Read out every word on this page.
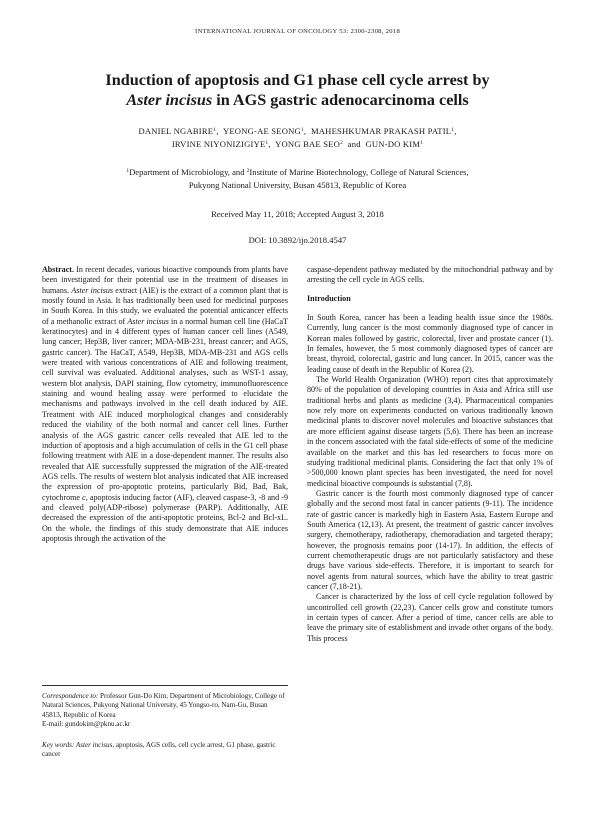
INTERNATIONAL JOURNAL OF ONCOLOGY 53: 2300-2308, 2018
Induction of apoptosis and G1 phase cell cycle arrest by
Aster incisus in AGS gastric adenocarcinoma cells
DANIEL NGABIRE$^1$,  YEONG-AE SEONG$^1$,  MAHESHKUMAR PRAKASH PATIL$^1$,
IRVINE NIYONIZIGIYE$^1$,  YONG BAE SEO$^2$ and GUN-DO KIM$^1$
$^1$Department of Microbiology, and $^2$Institute of Marine Biotechnology, College of Natural Sciences,
Pukyong National University, Busan 45813, Republic of Korea
Received May 11, 2018; Accepted August 3, 2018
DOI: 10.3892/ijo.2018.4547

Abstract. In recent decades, various bioactive compounds from plants have been investigated for their potential use in the treatment of diseases in humans. Aster incisus extract (AIE) is the extract of a common plant that is mostly found in Asia. It has traditionally been used for medicinal purposes in South Korea. In this study, we evaluated the potential anticancer effects of a methanolic extract of Aster incisus in a normal human cell line (HaCaT keratinocytes) and in 4 different types of human cancer cell lines (A549, lung cancer; Hep3B, liver cancer; MDA-MB-231, breast cancer; and AGS, gastric cancer). The HaCaT, A549, Hep3B, MDA-MB-231 and AGS cells were treated with various concentrations of AIE and following treatment, cell survival was evaluated. Additional analyses, such as WST-1 assay, western blot analysis, DAPI staining, flow cytometry, immunofluorescence staining and wound healing assay were performed to elucidate the mechanisms and pathways involved in the cell death induced by AIE. Treatment with AIE induced morphological changes and considerably reduced the viability of the both normal and cancer cell lines. Further analysis of the AGS gastric cancer cells revealed that AIE led to the induction of apoptosis and a high accumulation of cells in the G1 cell phase following treatment with AIE in a dose-dependent manner. The results also revealed that AIE successfully suppressed the migration of the AIE-treated AGS cells. The results of western blot analysis indicated that AIE increased the expression of pro-apoptotic proteins, particularly Bid, Bad, Bak, cytochrome c, apoptosis inducing factor (AIF), cleaved caspase-3, -8 and -9 and cleaved poly(ADP-ribose) polymerase (PARP). Additionally, AIE decreased the expression of the anti-apoptotic proteins, Bcl-2 and Bcl-xL. On the whole, the findings of this study demonstrate that AIE induces apoptosis through the activation of the

Correspondence to: Professor Gun-Do Kim, Department of Microbiology, College of Natural Sciences, Pukyong National University, 45 Yongso-ro, Nam-Gu, Busan 45813, Republic of Korea
E-mail: gundokim@pknu.ac.kr
Key words: Aster incisus, apoptosis, AGS cells, cell cycle arrest, G1 phase, gastric cancer

caspase-dependent pathway mediated by the mitochondrial pathway and by arresting the cell cycle in AGS cells.

Introduction

In South Korea, cancer has been a leading health issue since the 1980s. Currently, lung cancer is the most commonly diagnosed type of cancer in Korean males followed by gastric, colorectal, liver and prostate cancer (1). In females, however, the 5 most commonly diagnosed types of cancer are breast, thyroid, colorectal, gastric and lung cancer. In 2015, cancer was the leading cause of death in the Republic of Korea (2).

The World Health Organization (WHO) report cites that approximately 80% of the population of developing countries in Asia and Africa still use traditional herbs and plants as medicine (3,4). Pharmaceutical companies now rely more on experiments conducted on various traditionally known medicinal plants to discover novel molecules and bioactive substances that are more efficient against disease targets (5,6). There has been an increase in the concern associated with the fatal side-effects of some of the medicine available on the market and this has led researchers to focus more on studying traditional medicinal plants. Considering the fact that only 1% of >500,000 known plant species has been investigated, the need for novel medicinal bioactive compounds is substantial (7,8).

Gastric cancer is the fourth most commonly diagnosed type of cancer globally and the second most fatal in cancer patients (9-11). The incidence rate of gastric cancer is markedly high in Eastern Asia, Eastern Europe and South America (12,13). At present, the treatment of gastric cancer involves surgery, chemotherapy, radiotherapy, chemoradiation and targeted therapy; however, the prognosis remains poor (14-17). In addition, the effects of current chemotherapeutic drugs are not particularly satisfactory and these drugs have various side-effects. Therefore, it is important to search for novel agents from natural sources, which have the ability to treat gastric cancer (7,18-21).

Cancer is characterized by the loss of cell cycle regulation followed by uncontrolled cell growth (22,23). Cancer cells grow and constitute tumors in certain types of cancer. After a period of time, cancer cells are able to leave the primary site of establishment and invade other organs of the body. This process
